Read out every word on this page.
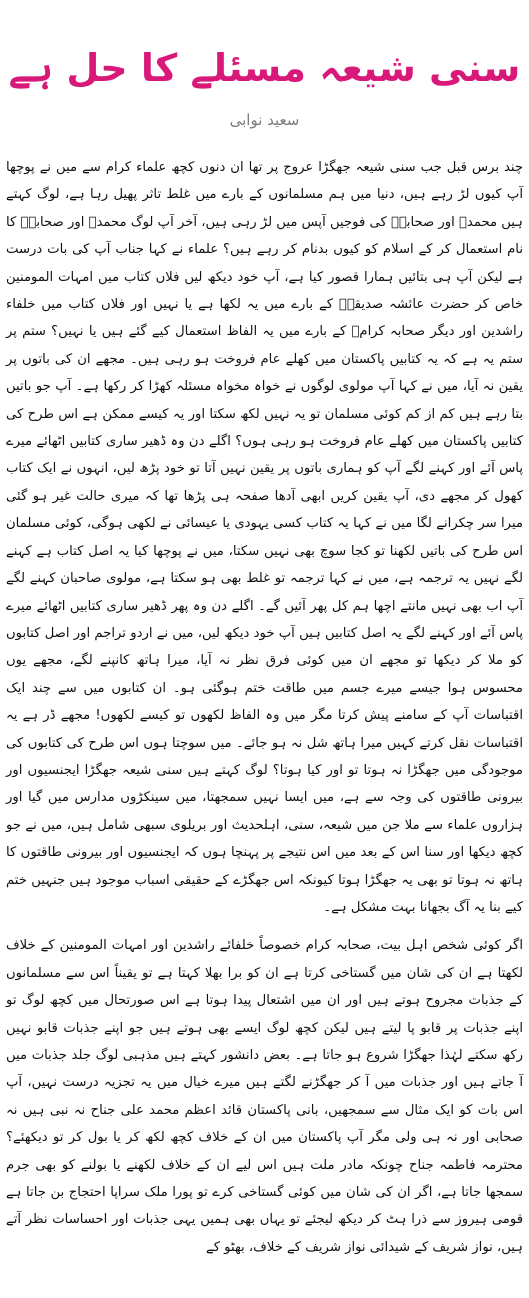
سنی شیعہ مسئلے کا حل ہے
سعید نوابی

چند برس قبل جب سنی شیعہ جھگڑا عروج پر تھا ان دنوں کچھ علماء کرام سے میں نے پوچھا آپ کیوں لڑ رہے ہیں، دنیا میں ہم مسلمانوں کے بارے میں غلط تاثر پھیل رہا ہے، لوگ کہتے ہیں محمدؐ اور صحابہؓ کی فوجیں آپس میں لڑ رہی ہیں، آخر آپ لوگ محمدؐ اور صحابہؓ کا نام استعمال کر کے اسلام کو کیوں بدنام کر رہے ہیں؟ علماء نے کہا جناب آپ کی بات درست ہے لیکن آپ ہی بتائیں ہمارا قصور کیا ہے، آپ خود دیکھ لیں فلاں کتاب میں امہات المومنین خاص کر حضرت عائشہ صدیقہؓ کے بارے میں یہ لکھا ہے یا نہیں اور فلاں کتاب میں خلفاء راشدین اور دیگر صحابہ کرامؓ کے بارے میں یہ الفاظ استعمال کیے گئے ہیں یا نہیں؟ ستم پر ستم یہ ہے کہ یہ کتابیں پاکستان میں کھلے عام فروخت ہو رہی ہیں۔ مجھے ان کی باتوں پر یقین نہ آیا، میں نے کہا آپ مولوی لوگوں نے خواہ مخواہ مسئلہ کھڑا کر رکھا ہے۔ آپ جو باتیں بتا رہے ہیں کم از کم کوئی مسلمان تو یہ نہیں لکھ سکتا اور یہ کیسے ممکن ہے اس طرح کی کتابیں پاکستان میں کھلے عام فروخت ہو رہی ہوں؟ اگلے دن وہ ڈھیر ساری کتابیں اٹھائے میرے پاس آئے اور کہنے لگے آپ کو ہماری باتوں پر یقین نہیں آتا تو خود پڑھ لیں، انہوں نے ایک کتاب کھول کر مجھے دی، آپ یقین کریں ابھی آدھا صفحہ ہی پڑھا تھا کہ میری حالت غیر ہو گئی میرا سر چکرانے لگا میں نے کہا یہ کتاب کسی یہودی یا عیسائی نے لکھی ہوگی، کوئی مسلمان اس طرح کی باتیں لکھنا تو کجا سوچ بھی نہیں سکتا، میں نے پوچھا کیا یہ اصل کتاب ہے کہنے لگے نہیں یہ ترجمہ ہے، میں نے کہا ترجمہ تو غلط بھی ہو سکتا ہے، مولوی صاحبان کہنے لگے آپ اب بھی نہیں مانتے اچھا ہم کل پھر آئیں گے۔ اگلے دن وہ پھر ڈھیر ساری کتابیں اٹھائے میرے پاس آئے اور کہنے لگے یہ اصل کتابیں ہیں آپ خود دیکھ لیں، میں نے اردو تراجم اور اصل کتابوں کو ملا کر دیکھا تو مجھے ان میں کوئی فرق نظر نہ آیا، میرا ہاتھ کانپنے لگے، مجھے یوں محسوس ہوا جیسے میرے جسم میں طاقت ختم ہوگئی ہو۔ ان کتابوں میں سے چند ایک اقتباسات آپ کے سامنے پیش کرتا مگر میں وہ الفاظ لکھوں تو کیسے لکھوں! مجھے ڈر ہے یہ اقتباسات نقل کرتے کہیں میرا ہاتھ شل نہ ہو جائے۔ میں سوچتا ہوں اس طرح کی کتابوں کی موجودگی میں جھگڑا نہ ہوتا تو اور کیا ہوتا؟ لوگ کہتے ہیں سنی شیعہ جھگڑا ایجنسیوں اور بیرونی طاقتوں کی وجہ سے ہے، میں ایسا نہیں سمجھتا، میں سینکڑوں مدارس میں گیا اور ہزاروں علماء سے ملا جن میں شیعہ، سنی، اہلحدیث اور بریلوی سبھی شامل ہیں، میں نے جو کچھ دیکھا اور سنا اس کے بعد میں اس نتیجے پر پہنچا ہوں کہ ایجنسیوں اور بیرونی طاقتوں کا ہاتھ نہ ہوتا تو بھی یہ جھگڑا ہوتا کیونکہ اس جھگڑے کے حقیقی اسباب موجود ہیں جنہیں ختم کیے بنا یہ آگ بجھانا بہت مشکل ہے۔

اگر کوئی شخص اہل بیت، صحابہ کرام خصوصاً خلفائے راشدین اور امہات المومنین کے خلاف لکھتا ہے ان کی شان میں گستاخی کرتا ہے ان کو برا بھلا کہتا ہے تو یقیناً اس سے مسلمانوں کے جذبات مجروح ہوتے ہیں اور ان میں اشتعال پیدا ہوتا ہے اس صورتحال میں کچھ لوگ تو اپنے جذبات پر قابو پا لیتے ہیں لیکن کچھ لوگ ایسے بھی ہوتے ہیں جو اپنے جذبات قابو نہیں رکھ سکتے لہٰذا جھگڑا شروع ہو جاتا ہے۔ بعض دانشور کہتے ہیں مذہبی لوگ جلد جذبات میں آ جاتے ہیں اور جذبات میں آ کر جھگڑنے لگتے ہیں میرے خیال میں یہ تجزیہ درست نہیں، آپ اس بات کو ایک مثال سے سمجھیں، بانی پاکستان قائد اعظم محمد علی جناح نہ نبی ہیں نہ صحابی اور نہ ہی ولی مگر آپ پاکستان میں ان کے خلاف کچھ لکھ کر یا بول کر تو دیکھئے؟ محترمہ فاطمہ جناح چونکہ مادر ملت ہیں اس لیے ان کے خلاف لکھنے یا بولنے کو بھی جرم سمجھا جاتا ہے، اگر ان کی شان میں کوئی گستاخی کرے تو پورا ملک سراپا احتجاج بن جاتا ہے قومی ہیروز سے ذرا ہٹ کر دیکھ لیجئے تو یہاں بھی ہمیں یہی جذبات اور احساسات نظر آتے ہیں، نواز شریف کے شیدائی نواز شریف کے خلاف، بھٹو کے
